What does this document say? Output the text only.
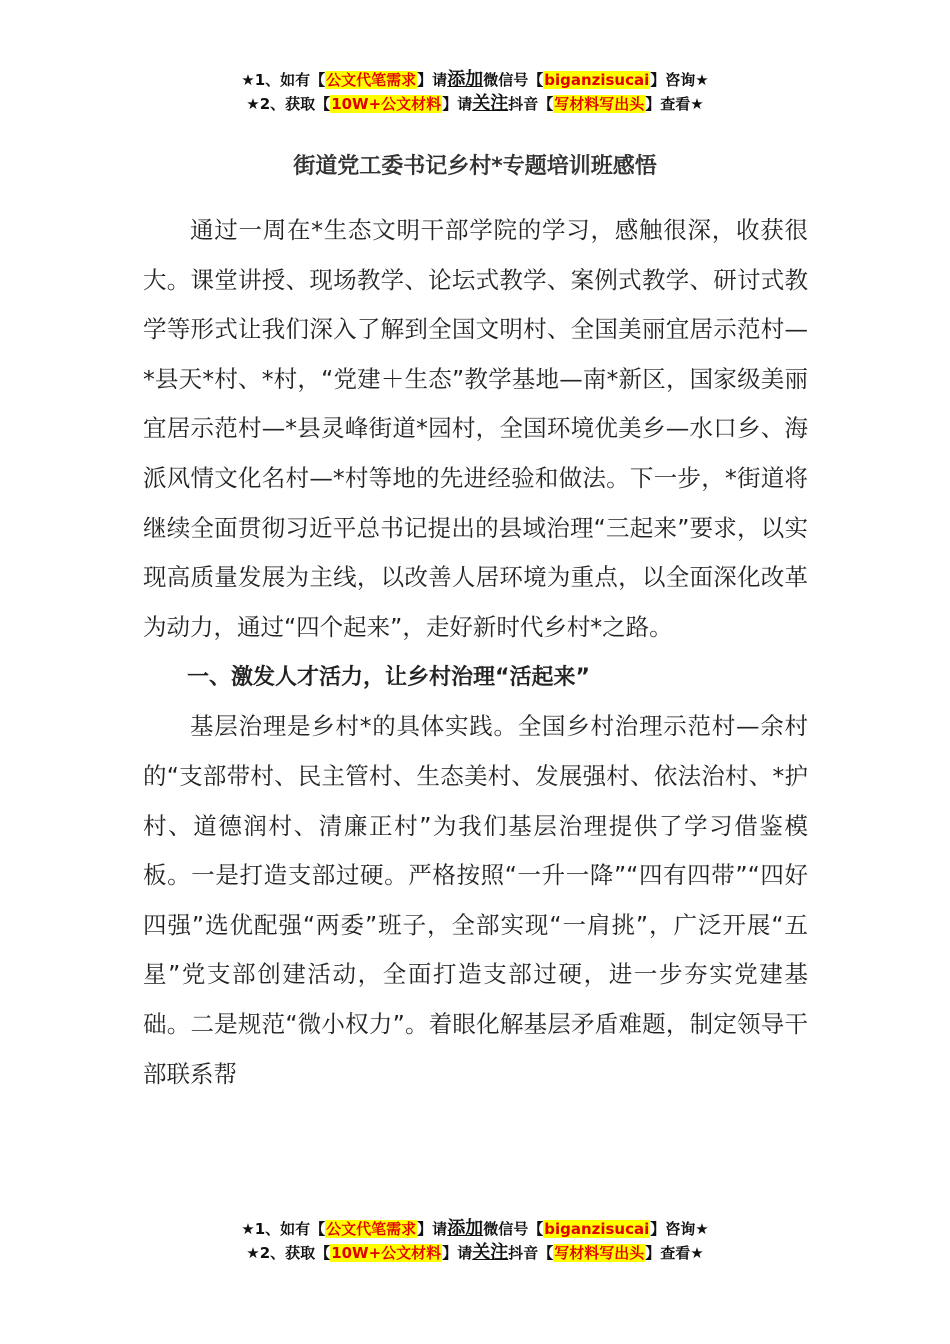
★1、如有【公文代笔需求】请添加微信号【biganzisucai】咨询★
★2、获取【10W+公文材料】请关注抖音【写材料写出头】查看★
街道党工委书记乡村*专题培训班感悟

通过一周在*生态文明干部学院的学习，感触很深，收获很大。课堂讲授、现场教学、论坛式教学、案例式教学、研讨式教学等形式让我们深入了解到全国文明村、全国美丽宜居示范村—*县天*村、*村，“党建＋生态”教学基地—南*新区，国家级美丽宜居示范村—*县灵峰街道*园村，全国环境优美乡—水口乡、海派风情文化名村—*村等地的先进经验和做法。下一步，*街道将继续全面贯彻习近平总书记提出的县域治理“三起来”要求，以实现高质量发展为主线，以改善人居环境为重点，以全面深化改革为动力，通过“四个起来”，走好新时代乡村*之路。

一、激发人才活力，让乡村治理“活起来”

基层治理是乡村*的具体实践。全国乡村治理示范村—余村的“支部带村、民主管村、生态美村、发展强村、依法治村、*护村、道德润村、清廉正村”为我们基层治理提供了学习借鉴模板。一是打造支部过硬。严格按照“一升一降”“四有四带”“四好四强”选优配强“两委”班子，全部实现“一肩挑”，广泛开展“五星”党支部创建活动，全面打造支部过硬，进一步夯实党建基础。二是规范“微小权力”。着眼化解基层矛盾难题，制定领导干部联系帮

★1、如有【公文代笔需求】请添加微信号【biganzisucai】咨询★
★2、获取【10W+公文材料】请关注抖音【写材料写出头】查看★
